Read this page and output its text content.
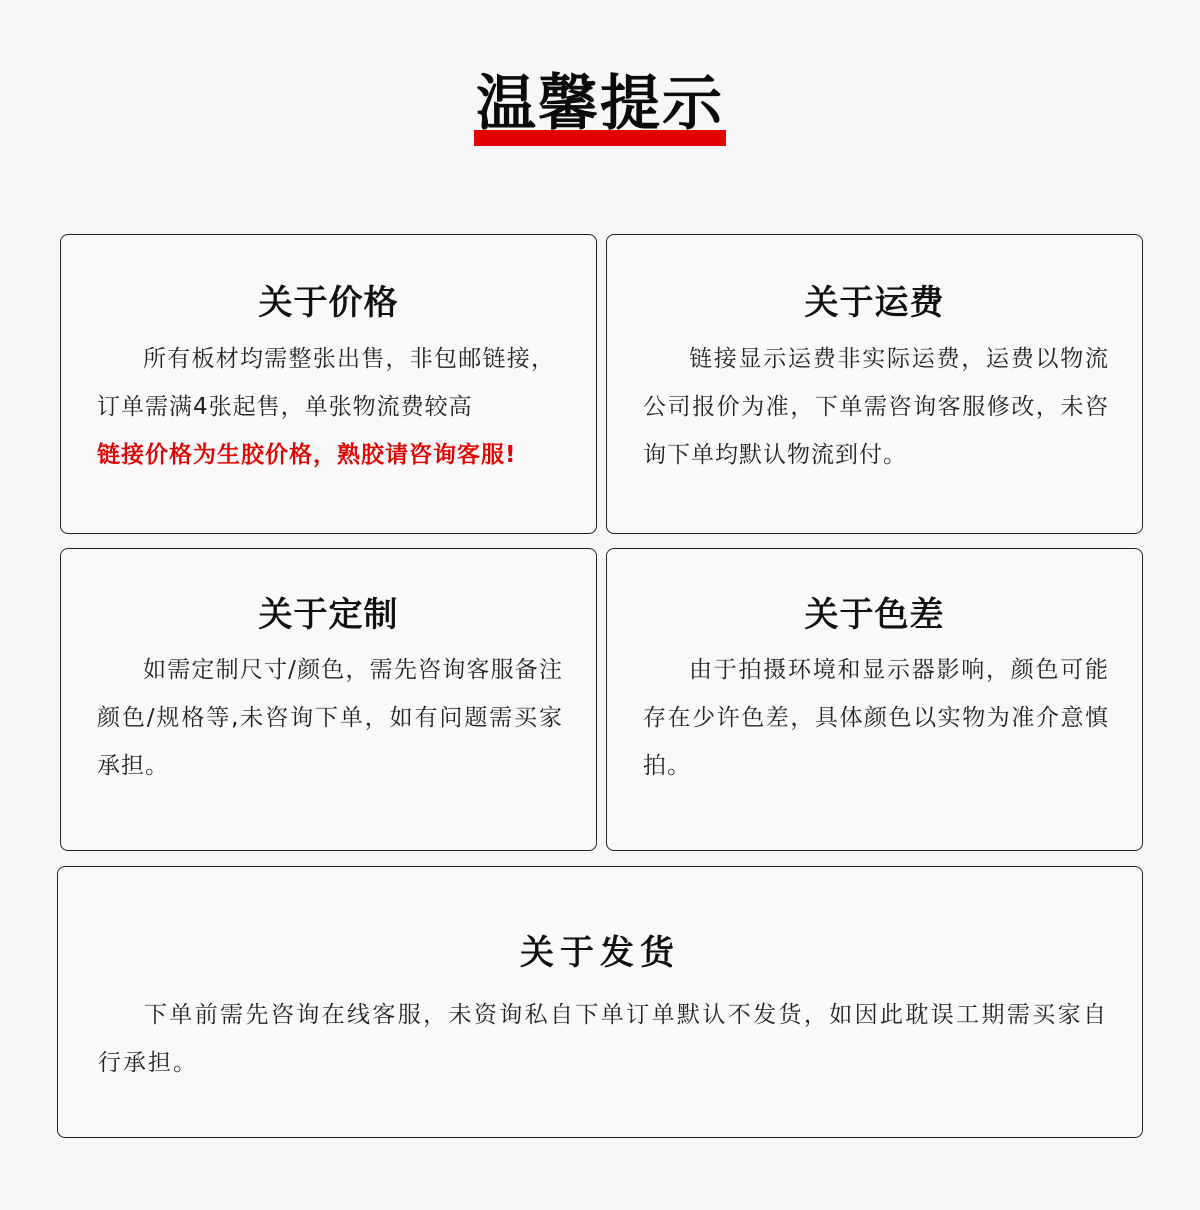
温馨提示
关于价格

所有板材均需整张出售，非包邮链接，订单需满4张起售，单张物流费较高

链接价格为生胶价格，熟胶请咨询客服!
关于运费

链接显示运费非实际运费，运费以物流公司报价为准，下单需咨询客服修改，未咨询下单均默认物流到付。

关于定制

如需定制尺寸/颜色，需先咨询客服备注颜色/规格等,未咨询下单，如有问题需买家承担。

关于色差

由于拍摄环境和显示器影响，颜色可能存在少许色差，具体颜色以实物为准介意慎拍。

关于发货

下单前需先咨询在线客服，未资询私自下单订单默认不发货，如因此耽误工期需买家自行承担。
